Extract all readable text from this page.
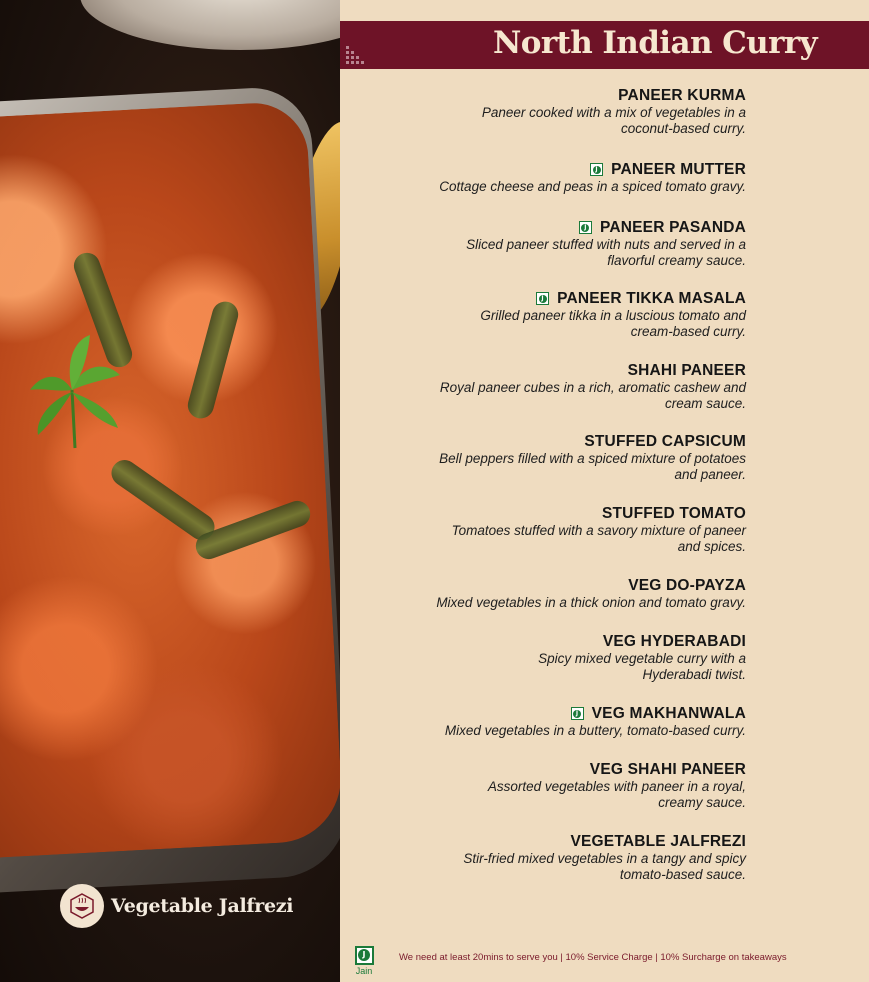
Vegetable Jalfrezi
North Indian Curry
PANEER KURMA
Paneer cooked with a mix of vegetables in a
coconut-based curry.
J PANEER MUTTER
Cottage cheese and peas in a spiced tomato gravy.
J PANEER PASANDA
Sliced paneer stuffed with nuts and served in a
flavorful creamy sauce.
J PANEER TIKKA MASALA
Grilled paneer tikka in a luscious tomato and
cream-based curry.
SHAHI PANEER
Royal paneer cubes in a rich, aromatic cashew and
cream sauce.
STUFFED CAPSICUM
Bell peppers filled with a spiced mixture of potatoes
and paneer.
STUFFED TOMATO
Tomatoes stuffed with a savory mixture of paneer
and spices.
VEG DO-PAYZA
Mixed vegetables in a thick onion and tomato gravy.
VEG HYDERABADI
Spicy mixed vegetable curry with a
Hyderabadi twist.
J VEG MAKHANWALA
Mixed vegetables in a buttery, tomato-based curry.
VEG SHAHI PANEER
Assorted vegetables with paneer in a royal,
creamy sauce.
VEGETABLE JALFREZI
Stir-fried mixed vegetables in a tangy and spicy
tomato-based sauce.
J
Jain
We need at least 20mins to serve you | 10% Service Charge | 10% Surcharge on takeaways
